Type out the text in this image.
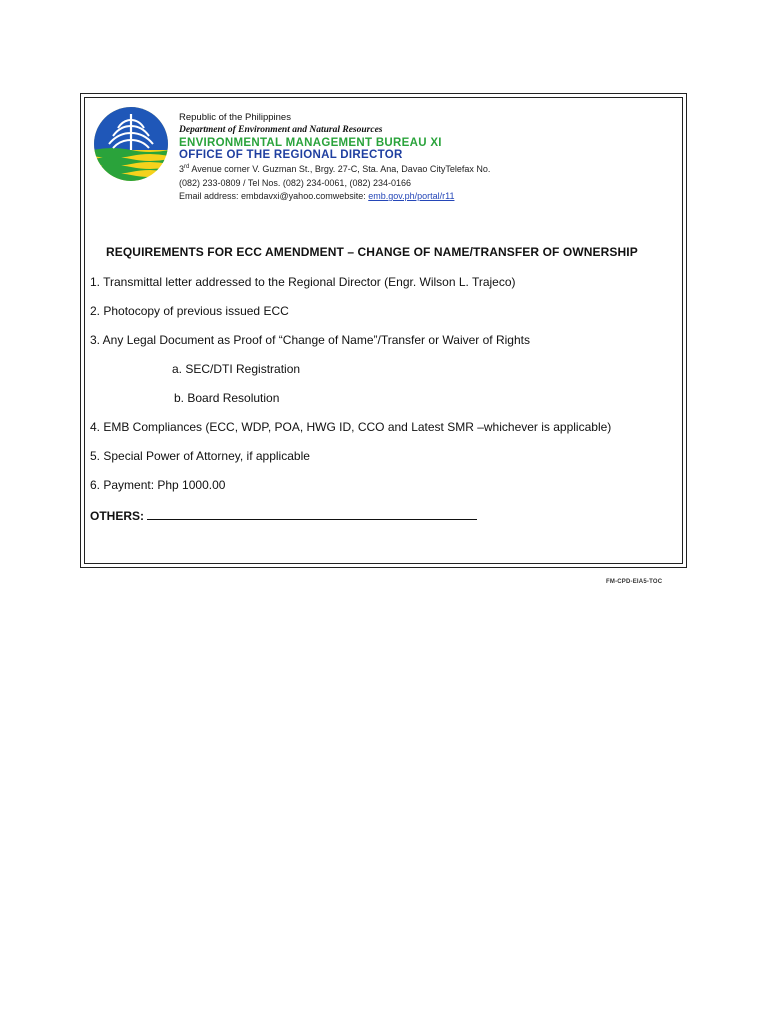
Republic of the Philippines
Department of Environment and Natural Resources
ENVIRONMENTAL MANAGEMENT BUREAU XI
OFFICE OF THE REGIONAL DIRECTOR
3rd Avenue corner V. Guzman St., Brgy. 27-C, Sta. Ana, Davao CityTelefax No.
(082) 233-0809 / Tel Nos. (082) 234-0061, (082) 234-0166
Email address: embdavxi@yahoo.comwebsite: emb.gov.ph/portal/r11
REQUIREMENTS FOR ECC AMENDMENT – CHANGE OF NAME/TRANSFER OF OWNERSHIP
1. Transmittal letter addressed to the Regional Director (Engr. Wilson L. Trajeco)
2. Photocopy of previous issued ECC
3. Any Legal Document as Proof of “Change of Name”/Transfer or Waiver of Rights
a. SEC/DTI Registration
b. Board Resolution
4. EMB Compliances (ECC, WDP, POA, HWG ID, CCO and Latest SMR –whichever is applicable)
5. Special Power of Attorney, if applicable
6. Payment: Php 1000.00
OTHERS:
FM-CPD-EIA5-TOC
